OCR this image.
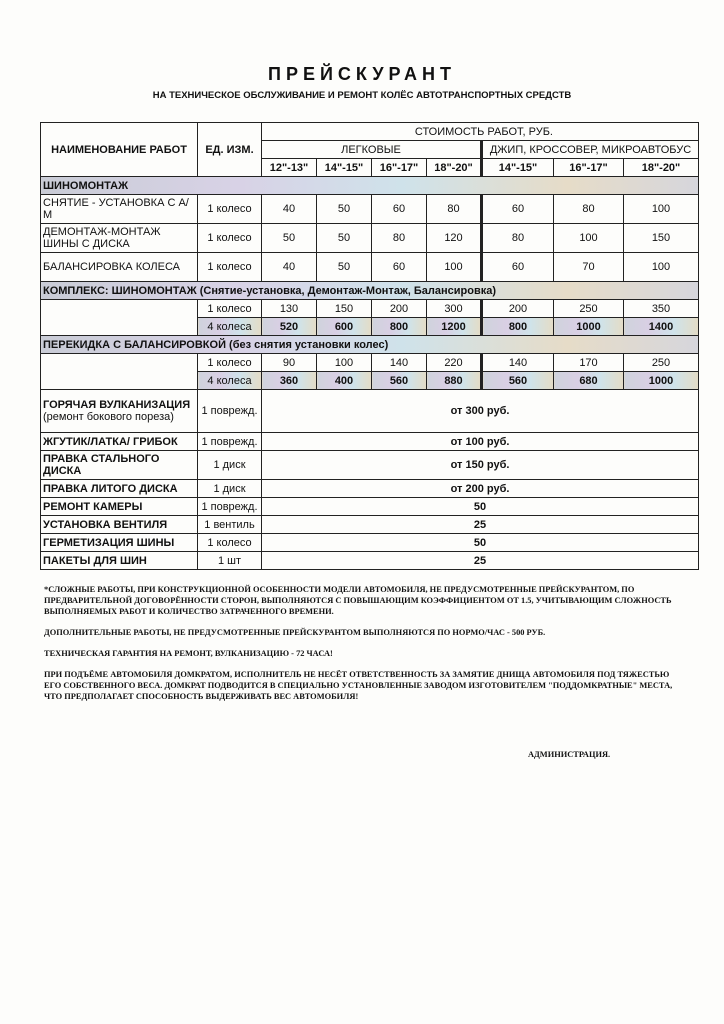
ПРЕЙСКУРАНТ
НА ТЕХНИЧЕСКОЕ ОБСЛУЖИВАНИЕ И РЕМОНТ КОЛЁС АВТОТРАНСПОРТНЫХ СРЕДСТВ
НАИМЕНОВАНИЕ РАБОТ	ЕД. ИЗМ.	СТОИМОСТЬ РАБОТ, РУБ.						
		ЛЕГКОВЫЕ				ДЖИП, КРОССОВЕР, МИКРОАВТОБУС		
		12"-13"	14"-15"	16"-17"	18"-20"	14"-15"	16"-17"	18"-20"
ШИНОМОНТАЖ								
СНЯТИЕ - УСТАНОВКА С А/М	1 колесо	40	50	60	80	60	80	100
ДЕМОНТАЖ-МОНТАЖ ШИНЫ С ДИСКА	1 колесо	50	50	80	120	80	100	150
БАЛАНСИРОВКА КОЛЕСА	1 колесо	40	50	60	100	60	70	100
КОМПЛЕКС: ШИНОМОНТАЖ (Снятие-установка, Демонтаж-Монтаж, Балансировка)								
	1 колесо	130	150	200	300	200	250	350
	4 колеса	520	600	800	1200	800	1000	1400
ПЕРЕКИДКА С БАЛАНСИРОВКОЙ (без снятия установки колес)								
	1 колесо	90	100	140	220	140	170	250
	4 колеса	360	400	560	880	560	680	1000
ГОРЯЧАЯ ВУЛКАНИЗАЦИЯ (ремонт бокового пореза)	1 поврежд.	от 300 руб.						
ЖГУТИК/ЛАТКА/ ГРИБОК	1 поврежд.	от 100 руб.						
ПРАВКА СТАЛЬНОГО ДИСКА	1 диск	от 150 руб.						
ПРАВКА ЛИТОГО ДИСКА	1 диск	от 200 руб.						
РЕМОНТ КАМЕРЫ	1 поврежд.	50						
УСТАНОВКА ВЕНТИЛЯ	1 вентиль	25						
ГЕРМЕТИЗАЦИЯ ШИНЫ	1 колесо	50						
ПАКЕТЫ ДЛЯ ШИН	1 шт	25						

*СЛОЖНЫЕ РАБОТЫ, ПРИ КОНСТРУКЦИОННОЙ ОСОБЕННОСТИ МОДЕЛИ АВТОМОБИЛЯ, НЕ ПРЕДУСМОТРЕННЫЕ ПРЕЙСКУРАНТОМ, ПО ПРЕДВАРИТЕЛЬНОЙ ДОГОВОРЁННОСТИ СТОРОН, ВЫПОЛНЯЮТСЯ С ПОВЫШАЮЩИМ КОЭФФИЦИЕНТОМ ОТ 1.5, УЧИТЫВАЮЩИМ СЛОЖНОСТЬ ВЫПОЛНЯЕМЫХ РАБОТ И КОЛИЧЕСТВО ЗАТРАЧЕННОГО ВРЕМЕНИ.

ДОПОЛНИТЕЛЬНЫЕ РАБОТЫ, НЕ ПРЕДУСМОТРЕННЫЕ ПРЕЙСКУРАНТОМ ВЫПОЛНЯЮТСЯ ПО НОРМО/ЧАС - 500 РУБ.

ТЕХНИЧЕСКАЯ ГАРАНТИЯ НА РЕМОНТ, ВУЛКАНИЗАЦИЮ - 72 ЧАСА!

ПРИ ПОДЪЁМЕ АВТОМОБИЛЯ ДОМКРАТОМ, ИСПОЛНИТЕЛЬ НЕ НЕСЁТ ОТВЕТСТВЕННОСТЬ ЗА ЗАМЯТИЕ ДНИЩА АВТОМОБИЛЯ ПОД ТЯЖЕСТЬЮ ЕГО СОБСТВЕННОГО ВЕСА. ДОМКРАТ ПОДВОДИТСЯ В СПЕЦИАЛЬНО УСТАНОВЛЕННЫЕ ЗАВОДОМ ИЗГОТОВИТЕЛЕМ "ПОДДОМКРАТНЫЕ" МЕСТА, ЧТО ПРЕДПОЛАГАЕТ СПОСОБНОСТЬ ВЫДЕРЖИВАТЬ ВЕС АВТОМОБИЛЯ!

АДМИНИСТРАЦИЯ.
